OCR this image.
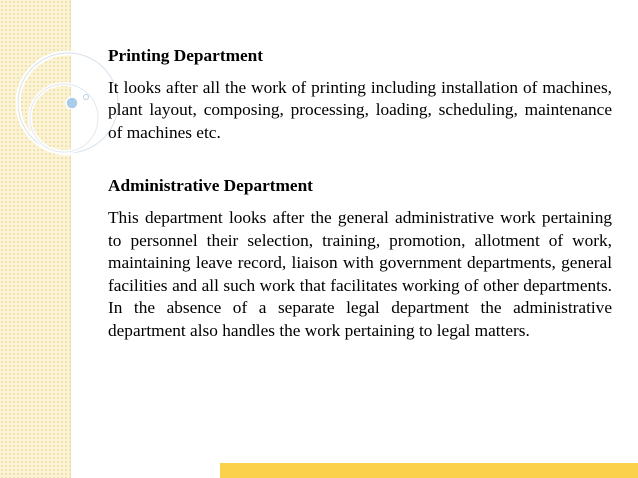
Printing Department

It looks after all the work of printing including installation of machines, plant layout, composing, processing, loading, scheduling, maintenance of machines etc.

Administrative Department

This department looks after the general administrative work pertaining to personnel their selection, training, promotion, allotment of work, maintaining leave record, liaison with government departments, general facilities and all such work that facilitates working of other departments. In the absence of a separate legal department the administrative department also handles the work pertaining to legal matters.
